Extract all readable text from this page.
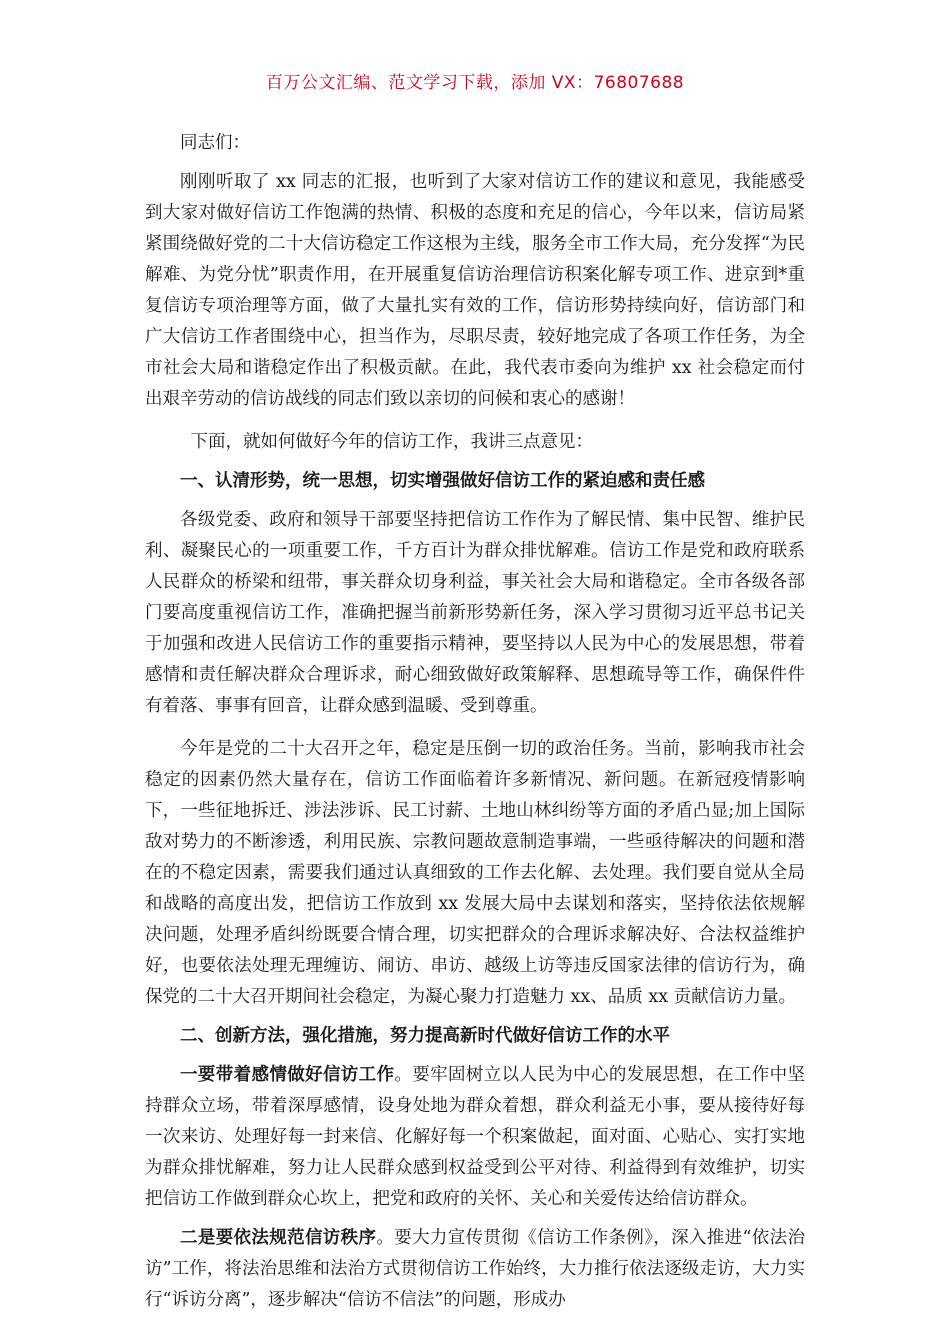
百万公文汇编、范文学习下载，添加 VX：76807688

同志们：

刚刚听取了 xx 同志的汇报，也听到了大家对信访工作的建议和意见，我能感受到大家对做好信访工作饱满的热情、积极的态度和充足的信心，今年以来，信访局紧紧围绕做好党的二十大信访稳定工作这根为主线，服务全市工作大局，充分发挥“为民解难、为党分忧”职责作用，在开展重复信访治理信访积案化解专项工作、进京到*重复信访专项治理等方面，做了大量扎实有效的工作，信访形势持续向好，信访部门和广大信访工作者围绕中心，担当作为，尽职尽责，较好地完成了各项工作任务，为全市社会大局和谐稳定作出了积极贡献。在此，我代表市委向为维护 xx 社会稳定而付出艰辛劳动的信访战线的同志们致以亲切的问候和衷心的感谢！

下面，就如何做好今年的信访工作，我讲三点意见：

一、认清形势，统一思想，切实增强做好信访工作的紧迫感和责任感

各级党委、政府和领导干部要坚持把信访工作作为了解民情、集中民智、维护民利、凝聚民心的一项重要工作，千方百计为群众排忧解难。信访工作是党和政府联系人民群众的桥梁和纽带，事关群众切身利益，事关社会大局和谐稳定。全市各级各部门要高度重视信访工作，准确把握当前新形势新任务，深入学习贯彻习近平总书记关于加强和改进人民信访工作的重要指示精神，要坚持以人民为中心的发展思想，带着感情和责任解决群众合理诉求，耐心细致做好政策解释、思想疏导等工作，确保件件有着落、事事有回音，让群众感到温暖、受到尊重。

今年是党的二十大召开之年，稳定是压倒一切的政治任务。当前，影响我市社会稳定的因素仍然大量存在，信访工作面临着许多新情况、新问题。在新冠疫情影响下，一些征地拆迁、涉法涉诉、民工讨薪、土地山林纠纷等方面的矛盾凸显;加上国际敌对势力的不断渗透，利用民族、宗教问题故意制造事端，一些亟待解决的问题和潜在的不稳定因素，需要我们通过认真细致的工作去化解、去处理。我们要自觉从全局和战略的高度出发，把信访工作放到 xx 发展大局中去谋划和落实，坚持依法依规解决问题，处理矛盾纠纷既要合情合理，切实把群众的合理诉求解决好、合法权益维护好，也要依法处理无理缠访、闹访、串访、越级上访等违反国家法律的信访行为，确保党的二十大召开期间社会稳定，为凝心聚力打造魅力 xx、品质 xx 贡献信访力量。

二、创新方法，强化措施，努力提高新时代做好信访工作的水平

一要带着感情做好信访工作。要牢固树立以人民为中心的发展思想，在工作中坚持群众立场，带着深厚感情，设身处地为群众着想，群众利益无小事，要从接待好每一次来访、处理好每一封来信、化解好每一个积案做起，面对面、心贴心、实打实地为群众排忧解难，努力让人民群众感到权益受到公平对待、利益得到有效维护，切实把信访工作做到群众心坎上，把党和政府的关怀、关心和关爱传达给信访群众。

二是要依法规范信访秩序。要大力宣传贯彻《信访工作条例》，深入推进“依法治访”工作，将法治思维和法治方式贯彻信访工作始终，大力推行依法逐级走访，大力实行“诉访分离”，逐步解决“信访不信法”的问题，形成办
